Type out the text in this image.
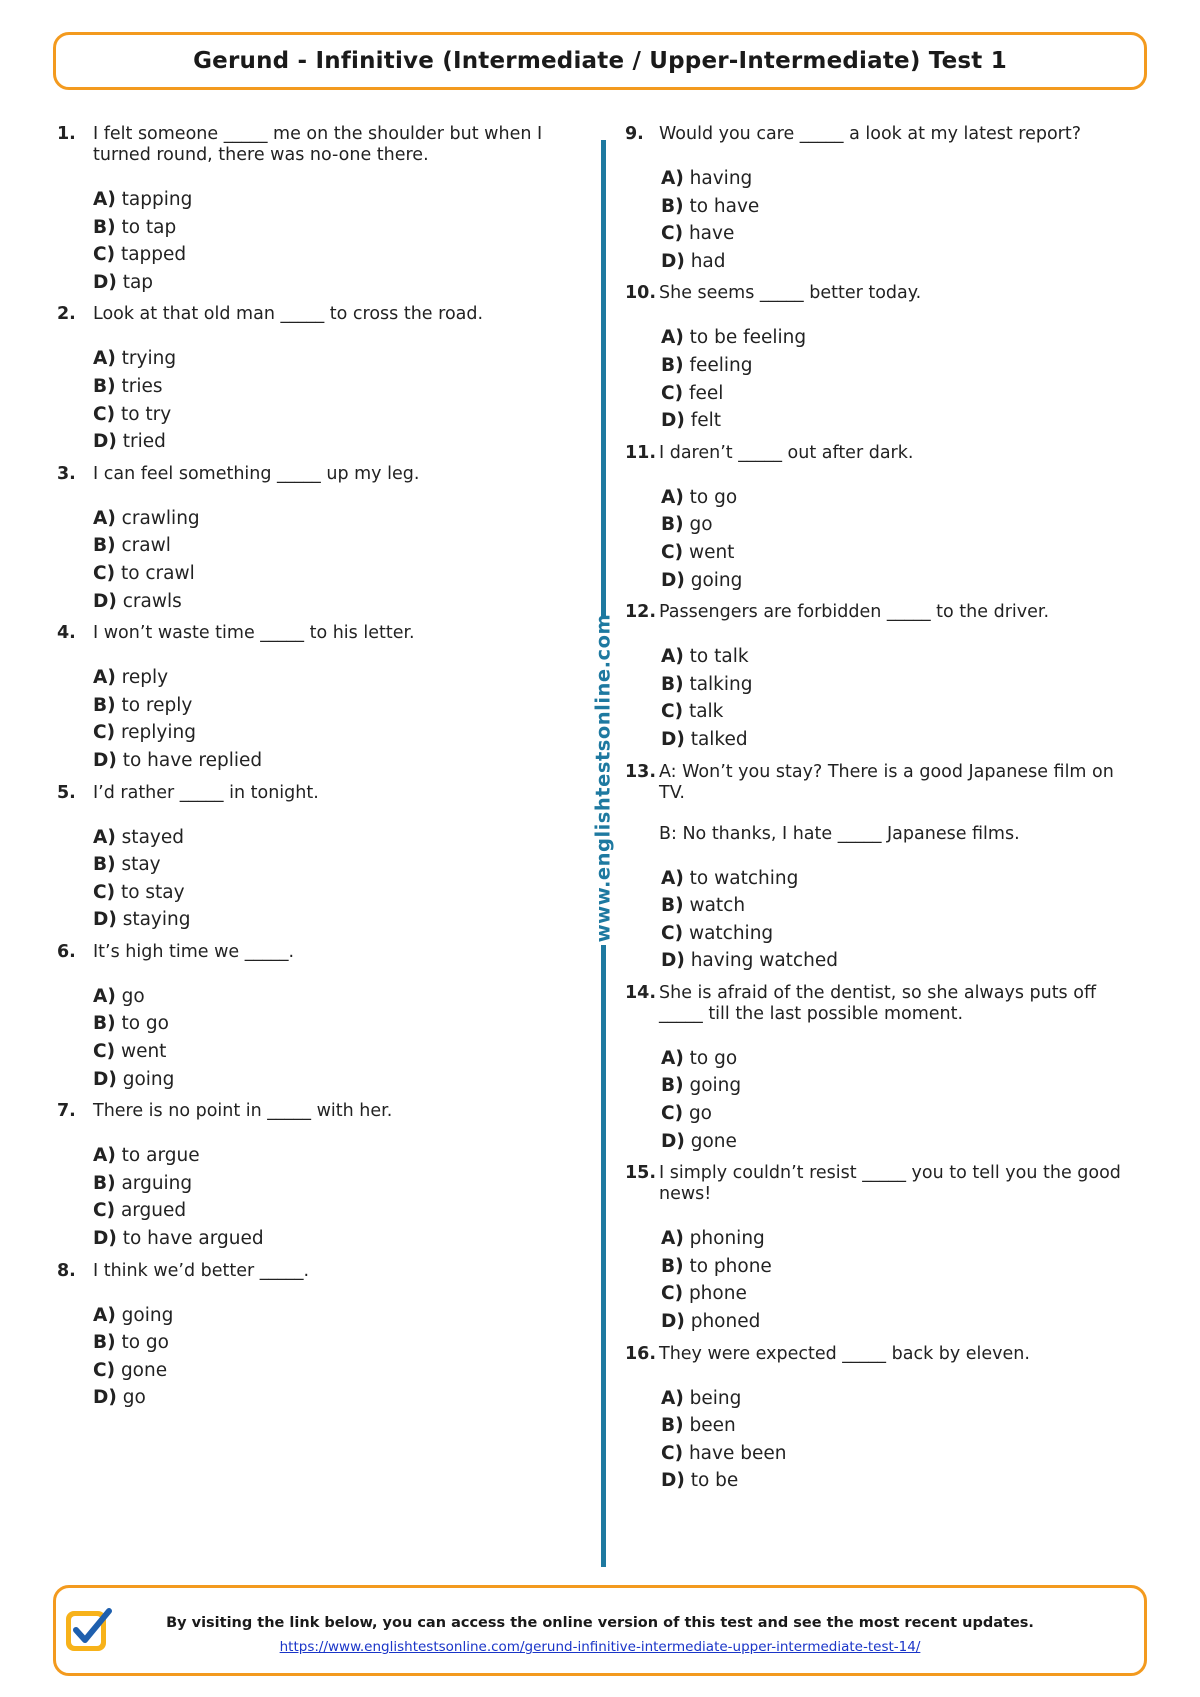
Gerund - Infinitive (Intermediate / Upper-Intermediate) Test 1
www.englishtestsonline.com
1. I felt someone _____ me on the shoulder but when I turned round, there was no-one there.
A) tapping
B) to tap
C) tapped
D) tap
2. Look at that old man _____ to cross the road.
A) trying
B) tries
C) to try
D) tried
3. I can feel something _____ up my leg.
A) crawling
B) crawl
C) to crawl
D) crawls
4. I won’t waste time _____ to his letter.
A) reply
B) to reply
C) replying
D) to have replied
5. I’d rather _____ in tonight.
A) stayed
B) stay
C) to stay
D) staying
6. It’s high time we _____.
A) go
B) to go
C) went
D) going
7. There is no point in _____ with her.
A) to argue
B) arguing
C) argued
D) to have argued
8. I think we’d better _____.
A) going
B) to go
C) gone
D) go
9. Would you care _____ a look at my latest report?
A) having
B) to have
C) have
D) had
10. She seems _____ better today.
A) to be feeling
B) feeling
C) feel
D) felt
11. I daren’t _____ out after dark.
A) to go
B) go
C) went
D) going
12. Passengers are forbidden _____ to the driver.
A) to talk
B) talking
C) talk
D) talked
13. A: Won’t you stay? There is a good Japanese film on TV.
B: No thanks, I hate _____ Japanese films.
A) to watching
B) watch
C) watching
D) having watched
14. She is afraid of the dentist, so she always puts off _____ till the last possible moment.
A) to go
B) going
C) go
D) gone
15. I simply couldn’t resist _____ you to tell you the good news!
A) phoning
B) to phone
C) phone
D) phoned
16. They were expected _____ back by eleven.
A) being
B) been
C) have been
D) to be
By visiting the link below, you can access the online version of this test and see the most recent updates.
https://www.englishtestsonline.com/gerund-infinitive-intermediate-upper-intermediate-test-14/
